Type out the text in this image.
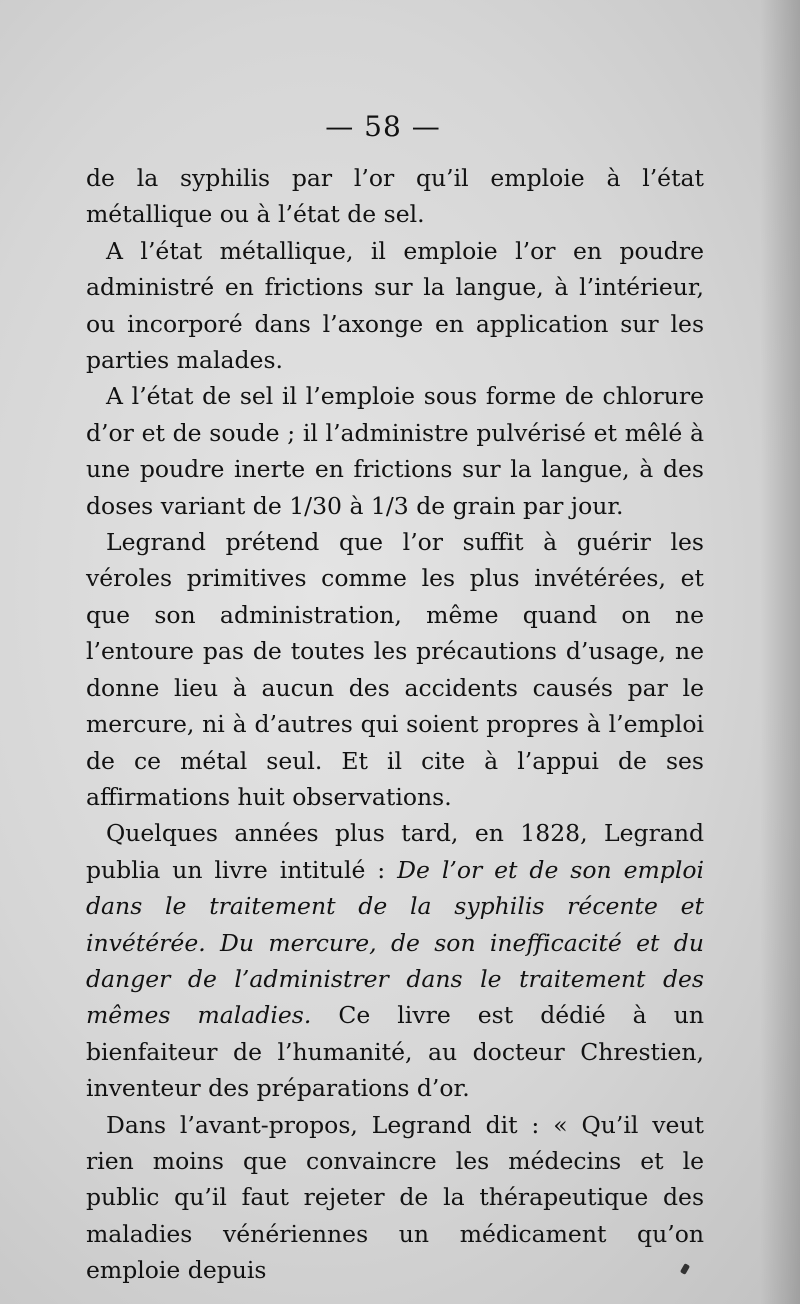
— 58 —

de la syphilis par l’or qu’il emploie à l’état métallique ou à l’état de sel.

A l’état métallique, il emploie l’or en poudre administré en frictions sur la langue, à l’intérieur, ou incorporé dans l’axonge en application sur les parties malades.

A l’état de sel il l’emploie sous forme de chlorure d’or et de soude ; il l’administre pulvérisé et mêlé à une poudre inerte en frictions sur la langue, à des doses variant de 1/30 à 1/3 de grain par jour.

Legrand prétend que l’or suffit à guérir les véroles primitives comme les plus invétérées, et que son administration, même quand on ne l’entoure pas de toutes les précautions d’usage, ne donne lieu à aucun des accidents causés par le mercure, ni à d’autres qui soient propres à l’emploi de ce métal seul. Et il cite à l’appui de ses affirmations huit observations.

Quelques années plus tard, en 1828, Legrand publia un livre intitulé : De l’or et de son emploi dans le traitement de la syphilis récente et invétérée. Du mercure, de son inefficacité et du danger de l’administrer dans le traitement des mêmes maladies. Ce livre est dédié à un bienfaiteur de l’humanité, au docteur Chrestien, inventeur des préparations d’or.

Dans l’avant-propos, Legrand dit : « Qu’il veut rien moins que convaincre les médecins et le public qu’il faut rejeter de la thérapeutique des maladies vénériennes un médicament qu’on emploie depuis
